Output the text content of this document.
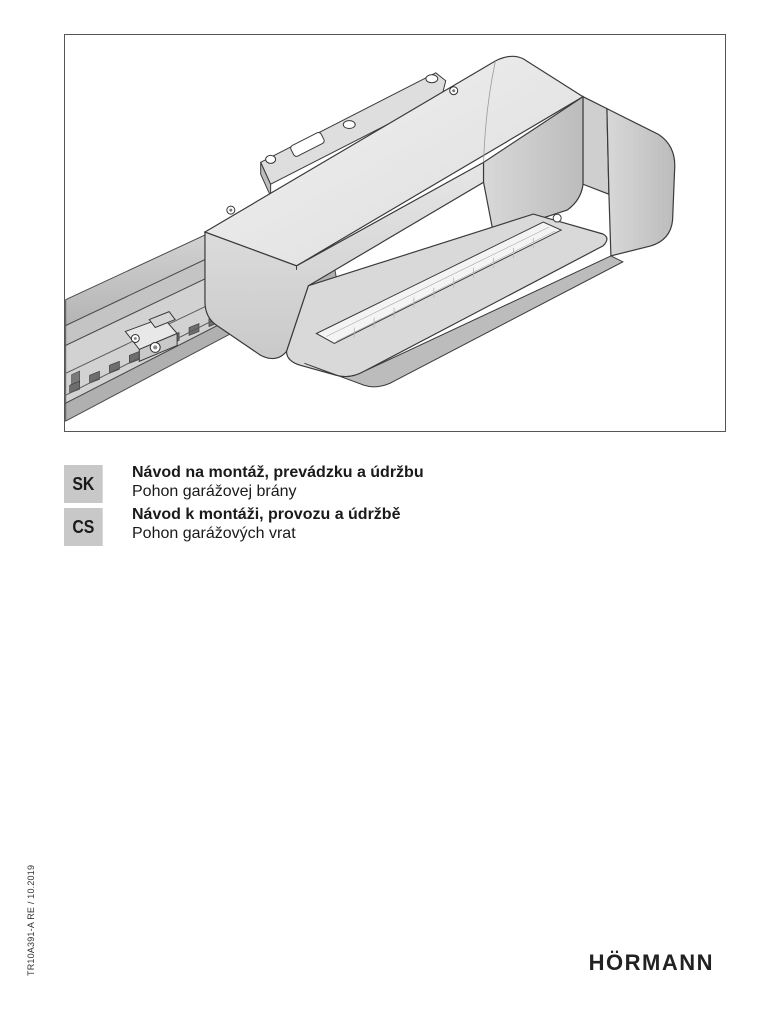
SK
Návod na montáž, prevádzku a údržbu
Pohon garážovej brány
CS
Návod k montáži, provozu a údržbě
Pohon garážových vrat
TR10A391-A RE / 10.2019	HÖRMANN
